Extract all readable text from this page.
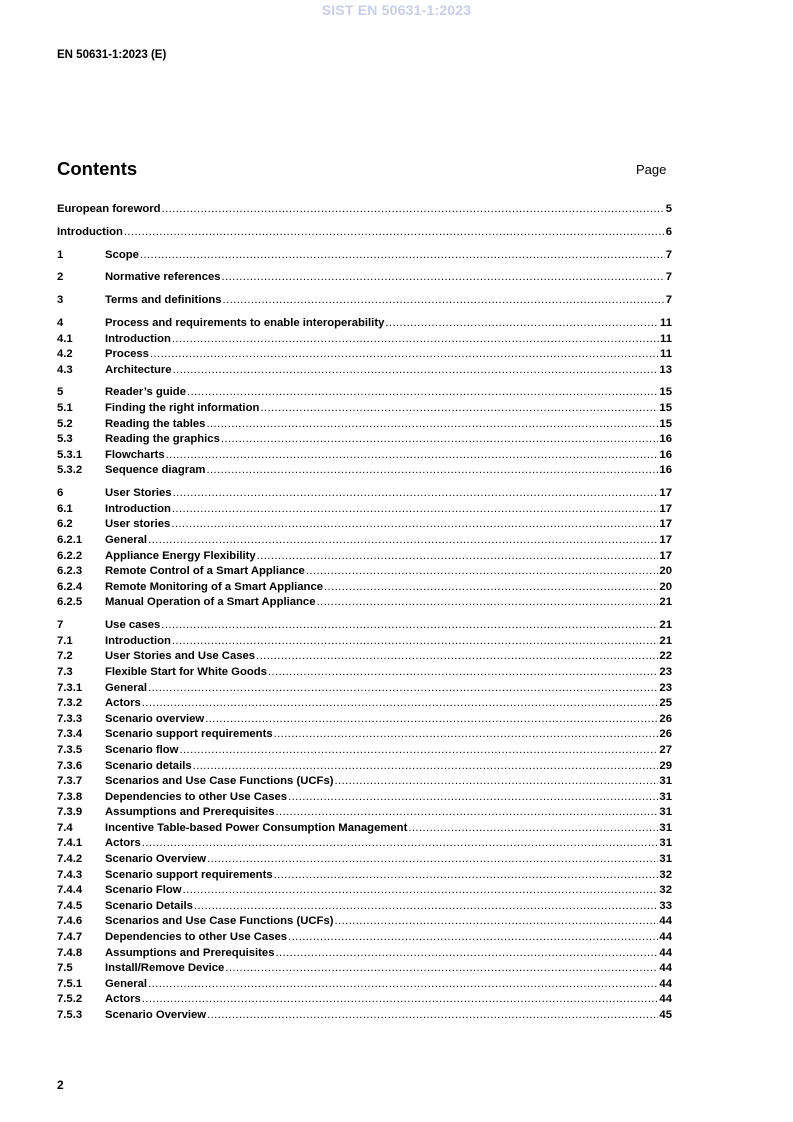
SIST EN 50631-1:2023
EN 50631-1:2023 (E)
Contents	Page
European foreword .....	5
Introduction .....	6
1	Scope .....	7
2	Normative references .....	7
3	Terms and definitions .....	7
4	Process and requirements to enable interoperability .....	11
4.1	Introduction .....	11
4.2	Process .....	11
4.3	Architecture .....	13
5	Reader’s guide .....	15
5.1	Finding the right information .....	15
5.2	Reading the tables .....	15
5.3	Reading the graphics .....	16
5.3.1	Flowcharts .....	16
5.3.2	Sequence diagram .....	16
6	User Stories .....	17
6.1	Introduction .....	17
6.2	User stories .....	17
6.2.1	General .....	17
6.2.2	Appliance Energy Flexibility .....	17
6.2.3	Remote Control of a Smart Appliance .....	20
6.2.4	Remote Monitoring of a Smart Appliance .....	20
6.2.5	Manual Operation of a Smart Appliance .....	21
7	Use cases .....	21
7.1	Introduction .....	21
7.2	User Stories and Use Cases .....	22
7.3	Flexible Start for White Goods .....	23
7.3.1	General .....	23
7.3.2	Actors .....	25
7.3.3	Scenario overview .....	26
7.3.4	Scenario support requirements .....	26
7.3.5	Scenario flow .....	27
7.3.6	Scenario details .....	29
7.3.7	Scenarios and Use Case Functions (UCFs) .....	31
7.3.8	Dependencies to other Use Cases .....	31
7.3.9	Assumptions and Prerequisites .....	31
7.4	Incentive Table-based Power Consumption Management .....	31
7.4.1	Actors .....	31
7.4.2	Scenario Overview .....	31
7.4.3	Scenario support requirements .....	32
7.4.4	Scenario Flow .....	32
7.4.5	Scenario Details .....	33
7.4.6	Scenarios and Use Case Functions (UCFs) .....	44
7.4.7	Dependencies to other Use Cases .....	44
7.4.8	Assumptions and Prerequisites .....	44
7.5	Install/Remove Device .....	44
7.5.1	General .....	44
7.5.2	Actors .....	44
7.5.3	Scenario Overview .....	45
2
